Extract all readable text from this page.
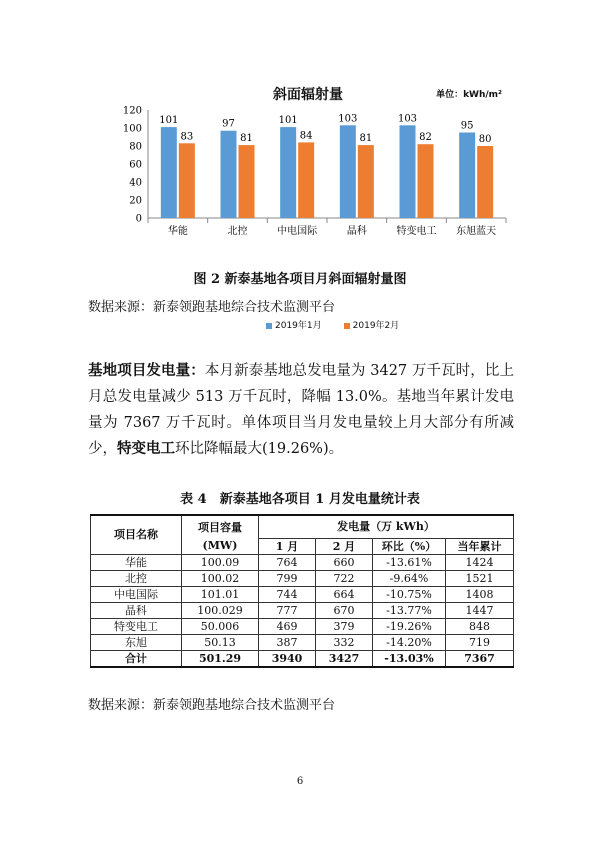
0
20
40
60
80
100
120
101
83
华能
97
81
北控
101
84
中电国际
103
81
晶科
103
82
特变电工
95
80
东旭蓝天
斜面辐射量	单位：kWh/m²
2019年1月	2019年2月
图 2 新泰基地各项目月斜面辐射量图
数据来源：新泰领跑基地综合技术监测平台
基地项目发电量：本月新泰基地总发电量为 3427 万千瓦时，比上月总发电量减少 513 万千瓦时，降幅 13.0%。基地当年累计发电量为 7367 万千瓦时。单体项目当月发电量较上月大部分有所减少，特变电工环比降幅最大(19.26%)。
表 4　新泰基地各项目 1 月发电量统计表
项目名称	项目容量	发电量（万 kWh）			
	(MW)	1 月	2 月	环比（%）	当年累计
华能	100.09	764	660	-13.61%	1424
北控	100.02	799	722	-9.64%	1521
中电国际	101.01	744	664	-10.75%	1408
晶科	100.029	777	670	-13.77%	1447
特变电工	50.006	469	379	-19.26%	848
东旭	50.13	387	332	-14.20%	719
合计	501.29	3940	3427	-13.03%	7367
数据来源：新泰领跑基地综合技术监测平台
6
